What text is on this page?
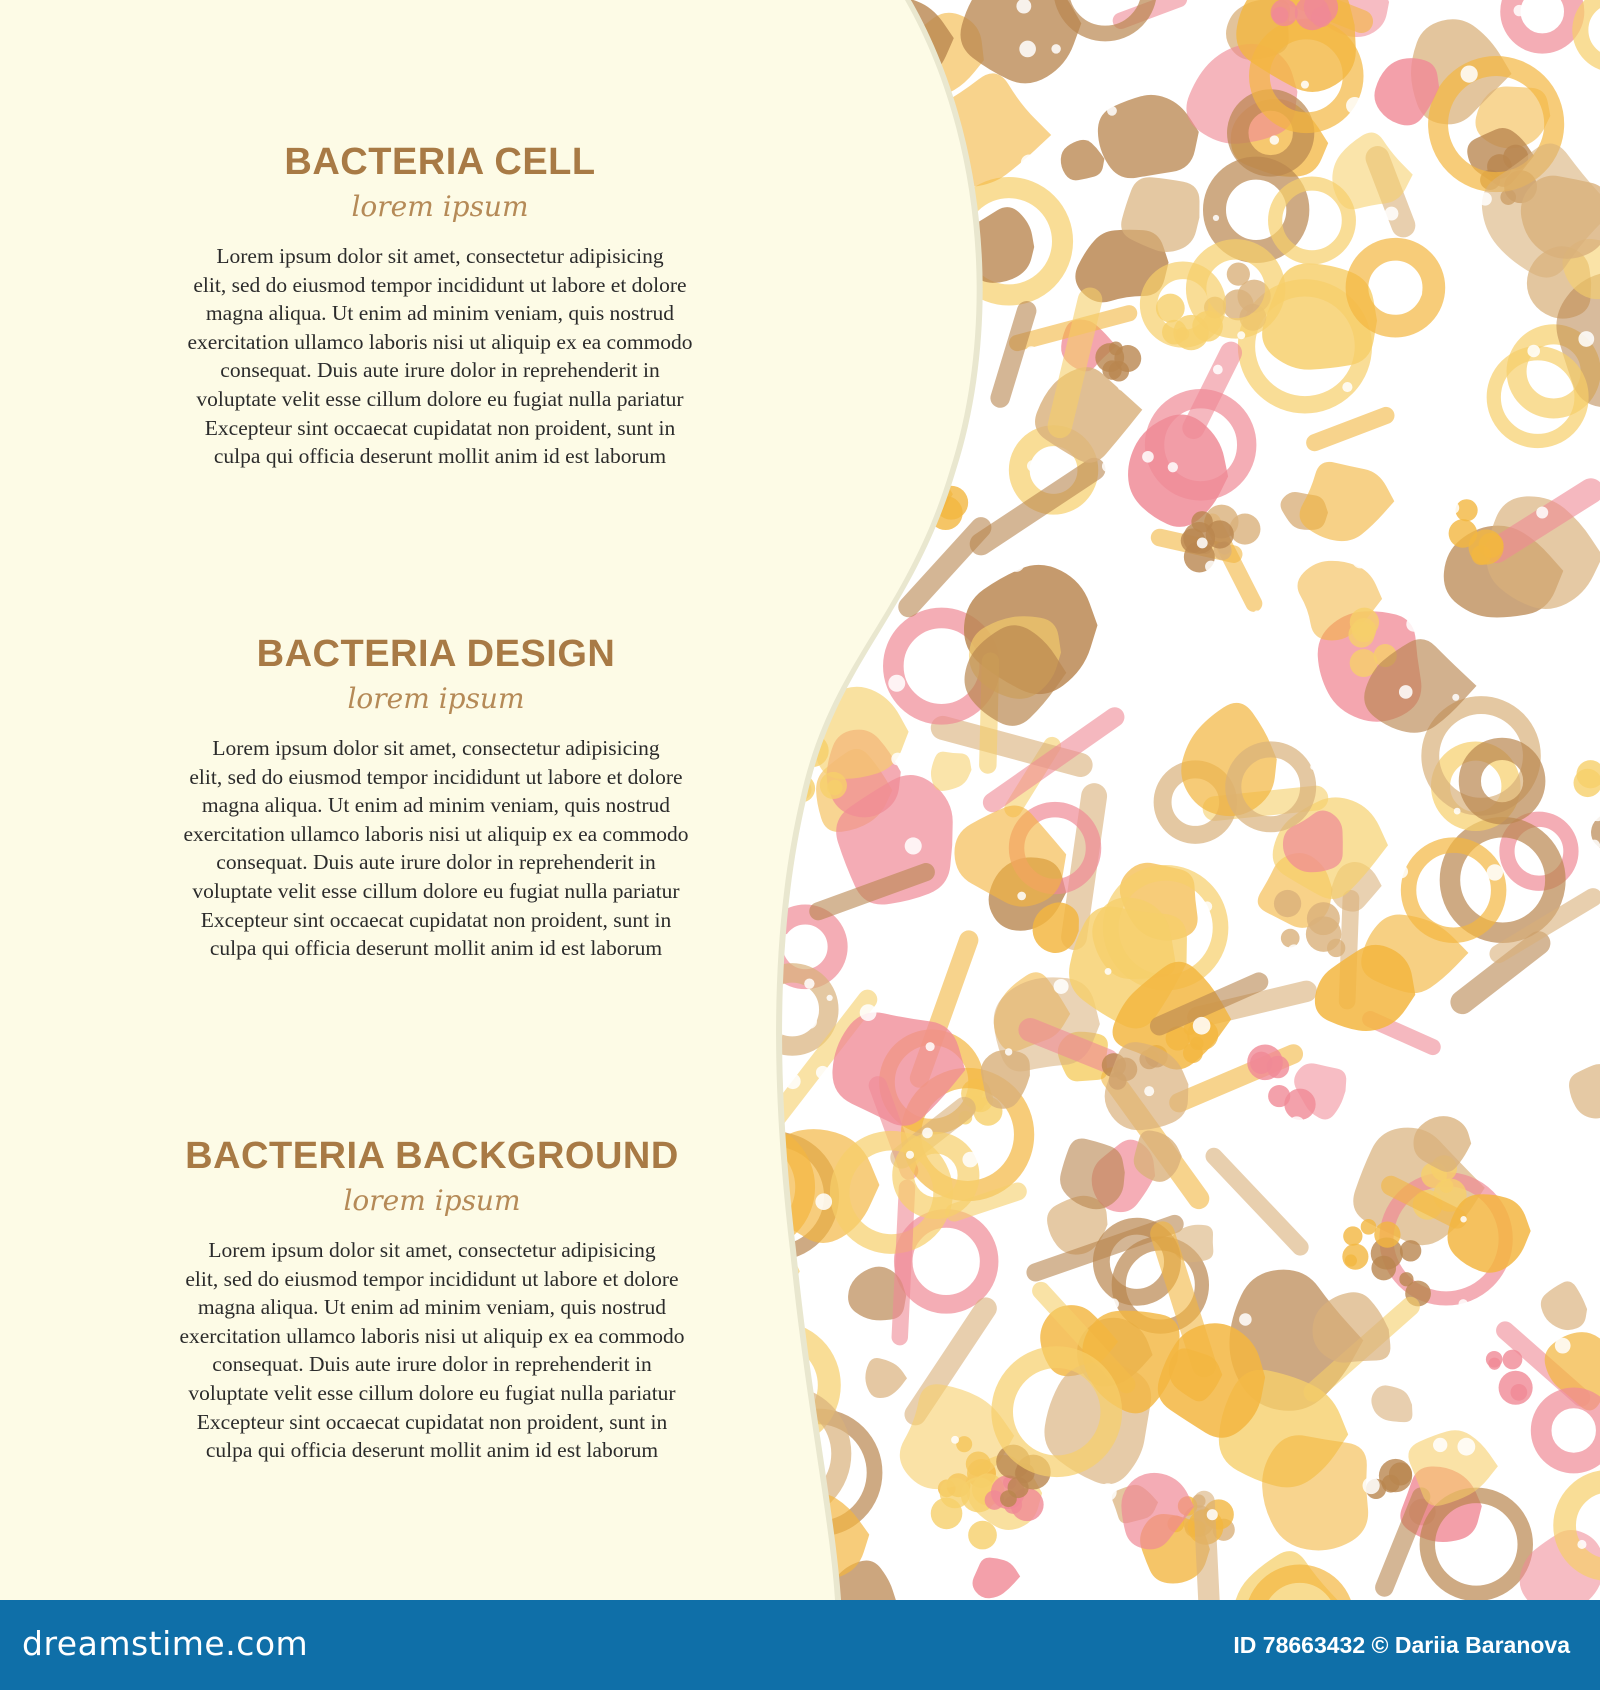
BACTERIA CELL
lorem ipsum
Lorem ipsum dolor sit amet, consectetur adipisicing
elit, sed do eiusmod tempor incididunt ut labore et dolore
magna aliqua. Ut enim ad minim veniam, quis nostrud
exercitation ullamco laboris nisi ut aliquip ex ea commodo
consequat. Duis aute irure dolor in reprehenderit in
voluptate velit esse cillum dolore eu fugiat nulla pariatur
Excepteur sint occaecat cupidatat non proident, sunt in
culpa qui officia deserunt mollit anim id est laborum
BACTERIA DESIGN
lorem ipsum
Lorem ipsum dolor sit amet, consectetur adipisicing
elit, sed do eiusmod tempor incididunt ut labore et dolore
magna aliqua. Ut enim ad minim veniam, quis nostrud
exercitation ullamco laboris nisi ut aliquip ex ea commodo
consequat. Duis aute irure dolor in reprehenderit in
voluptate velit esse cillum dolore eu fugiat nulla pariatur
Excepteur sint occaecat cupidatat non proident, sunt in
culpa qui officia deserunt mollit anim id est laborum
BACTERIA BACKGROUND
lorem ipsum
Lorem ipsum dolor sit amet, consectetur adipisicing
elit, sed do eiusmod tempor incididunt ut labore et dolore
magna aliqua. Ut enim ad minim veniam, quis nostrud
exercitation ullamco laboris nisi ut aliquip ex ea commodo
consequat. Duis aute irure dolor in reprehenderit in
voluptate velit esse cillum dolore eu fugiat nulla pariatur
Excepteur sint occaecat cupidatat non proident, sunt in
culpa qui officia deserunt mollit anim id est laborum
dreamstime.com	ID 78663432 © Dariia Baranova
